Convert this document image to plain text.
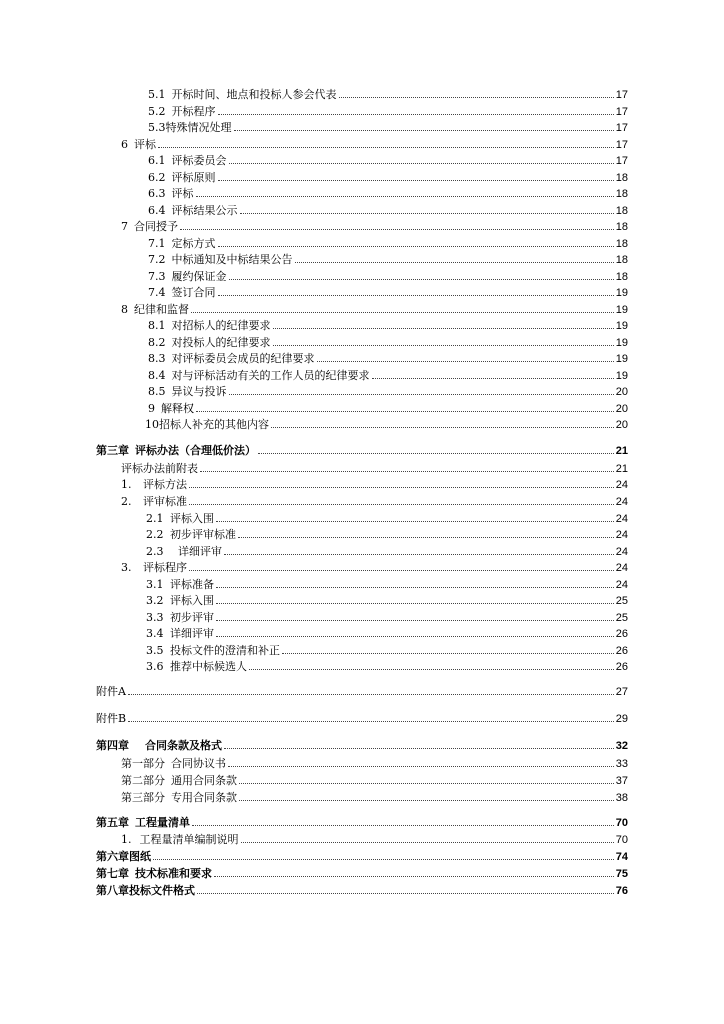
5.1 开标时间、地点和投标人参会代表	17
5.2 开标程序	17
5.3 特殊情况处理	17
6 评标	17
6.1 评标委员会	17
6.2 评标原则	18
6.3 评标	18
6.4 评标结果公示	18
7 合同授予	18
7.1 定标方式	18
7.2 中标通知及中标结果公告	18
7.3 履约保证金	18
7.4 签订合同	19
8 纪律和监督	19
8.1 对招标人的纪律要求	19
8.2 对投标人的纪律要求	19
8.3 对评标委员会成员的纪律要求	19
8.4 对与评标活动有关的工作人员的纪律要求	19
8.5 异议与投诉	20
9 解释权	20
10 招标人补充的其他内容	20
第三章 评标办法（合理低价法）	21
评标办法前附表	21
1.	评标方法	24
2.	评审标准	24
2.1 评标入围	24
2.2 初步评审标准	24
2.3	详细评审	24
3.	评标程序	24
3.1 评标准备	24
3.2 评标入围	25
3.3 初步评审	25
3.4 详细评审	26
3.5 投标文件的澄清和补正	26
3.6 推荐中标候选人	26
附件A	27
附件B	29
第四章 合同条款及格式	32
第一部分 合同协议书	33
第二部分 通用合同条款	37
第三部分 专用合同条款	38
第五章 工程量清单	70
1. 工程量清单编制说明	70
第六章图纸	74
第七章 技术标准和要求	75
第八章投标文件格式	76
